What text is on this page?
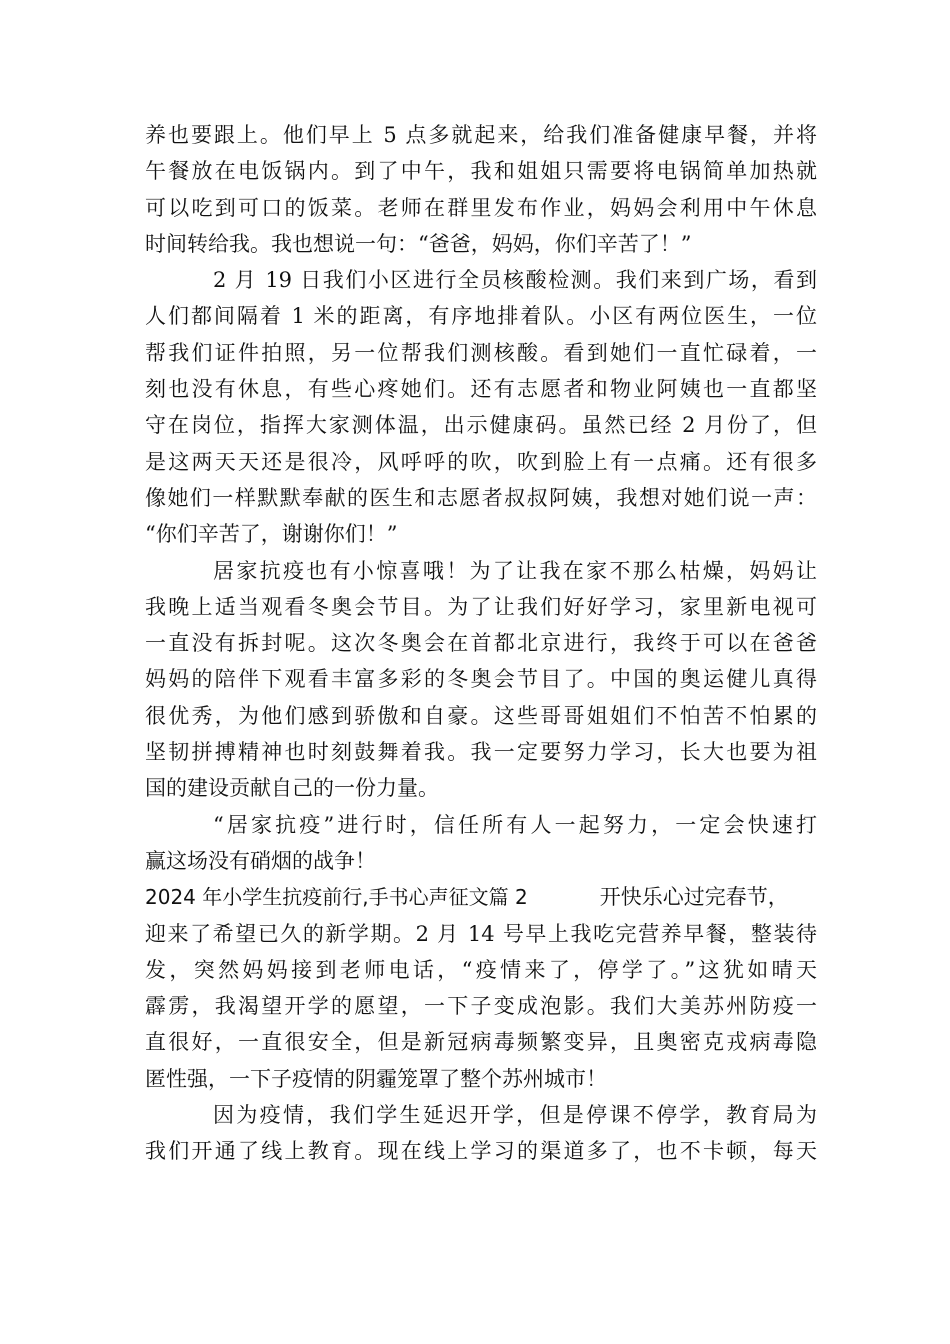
养也要跟上。他们早上 5 点多就起来，给我们准备健康早餐，并将
午餐放在电饭锅内。到了中午，我和姐姐只需要将电锅简单加热就
可以吃到可口的饭菜。老师在群里发布作业，妈妈会利用中午休息
时间转给我。我也想说一句：“爸爸，妈妈，你们辛苦了！”
2 月 19 日我们小区进行全员核酸检测。我们来到广场，看到
人们都间隔着 1 米的距离，有序地排着队。小区有两位医生，一位
帮我们证件拍照，另一位帮我们测核酸。看到她们一直忙碌着，一
刻也没有休息，有些心疼她们。还有志愿者和物业阿姨也一直都坚
守在岗位，指挥大家测体温，出示健康码。虽然已经 2 月份了，但
是这两天天还是很冷，风呼呼的吹，吹到脸上有一点痛。还有很多
像她们一样默默奉献的医生和志愿者叔叔阿姨，我想对她们说一声：
“你们辛苦了，谢谢你们！”
居家抗疫也有小惊喜哦！为了让我在家不那么枯燥，妈妈让
我晚上适当观看冬奥会节目。为了让我们好好学习，家里新电视可
一直没有拆封呢。这次冬奥会在首都北京进行，我终于可以在爸爸
妈妈的陪伴下观看丰富多彩的冬奥会节目了。中国的奥运健儿真得
很优秀，为他们感到骄傲和自豪。这些哥哥姐姐们不怕苦不怕累的
坚韧拼搏精神也时刻鼓舞着我。我一定要努力学习，长大也要为祖
国的建设贡献自己的一份力量。
“居家抗疫”进行时，信任所有人一起努力，一定会快速打
赢这场没有硝烟的战争！
2024 年小学生抗疫前行,手书心声征文篇 2	开快乐心过完春节，
迎来了希望已久的新学期。2 月 14 号早上我吃完营养早餐，整装待
发，突然妈妈接到老师电话，“疫情来了，停学了。”这犹如晴天
霹雳，我渴望开学的愿望，一下子变成泡影。我们大美苏州防疫一
直很好，一直很安全，但是新冠病毒频繁变异，且奥密克戎病毒隐
匿性强，一下子疫情的阴霾笼罩了整个苏州城市！
因为疫情，我们学生延迟开学，但是停课不停学，教育局为
我们开通了线上教育。现在线上学习的渠道多了，也不卡顿，每天
